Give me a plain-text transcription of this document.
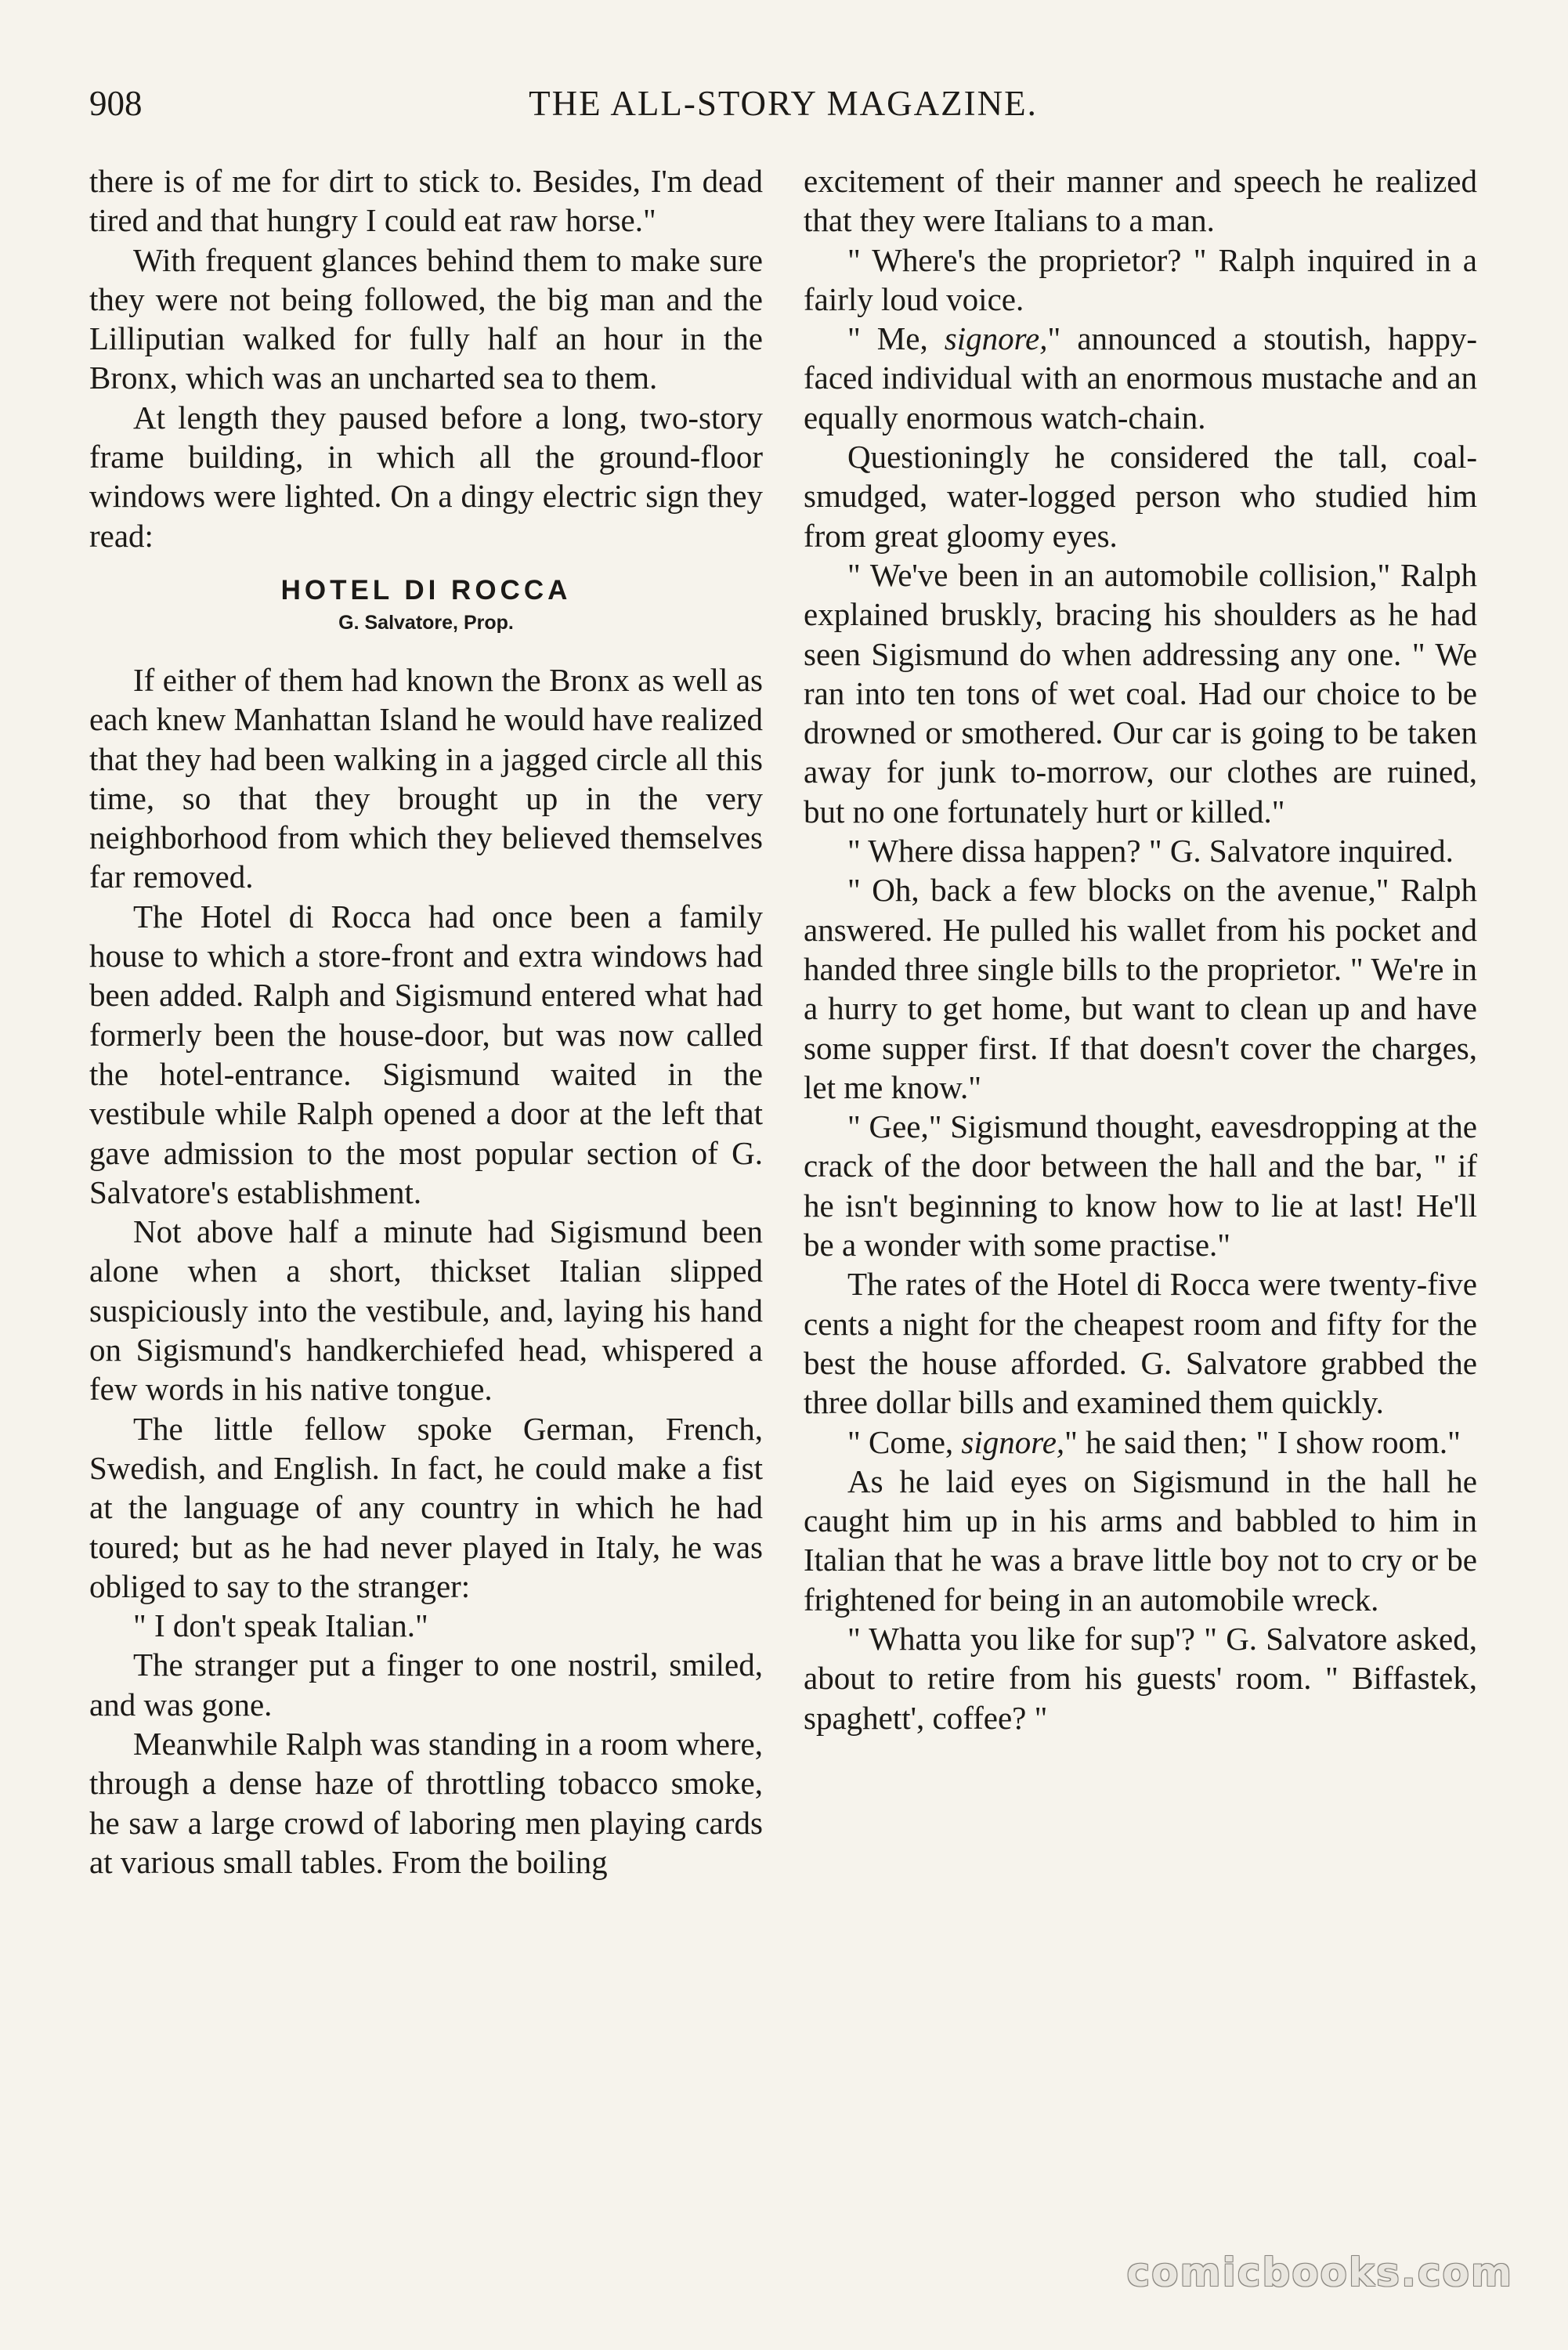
908	THE ALL-STORY MAGAZINE.

there is of me for dirt to stick to. Besides, I'm dead tired and that hungry I could eat raw horse."

With frequent glances behind them to make sure they were not being followed, the big man and the Lilliputian walked for fully half an hour in the Bronx, which was an uncharted sea to them.

At length they paused before a long, two-story frame building, in which all the ground-floor windows were lighted. On a dingy electric sign they read:

HOTEL DI ROCCA
G. Salvatore, Prop.

If either of them had known the Bronx as well as each knew Manhattan Island he would have realized that they had been walking in a jagged circle all this time, so that they brought up in the very neighborhood from which they believed themselves far removed.

The Hotel di Rocca had once been a family house to which a store-front and extra windows had been added. Ralph and Sigismund entered what had formerly been the house-door, but was now called the hotel-entrance. Sigismund waited in the vestibule while Ralph opened a door at the left that gave admission to the most popular section of G. Salvatore's establishment.

Not above half a minute had Sigismund been alone when a short, thickset Italian slipped suspiciously into the vestibule, and, laying his hand on Sigismund's handkerchiefed head, whispered a few words in his native tongue.

The little fellow spoke German, French, Swedish, and English. In fact, he could make a fist at the language of any country in which he had toured; but as he had never played in Italy, he was obliged to say to the stranger:

" I don't speak Italian."

The stranger put a finger to one nostril, smiled, and was gone.

Meanwhile Ralph was standing in a room where, through a dense haze of throttling tobacco smoke, he saw a large crowd of laboring men playing cards at various small tables. From the boiling

excitement of their manner and speech he realized that they were Italians to a man.

" Where's the proprietor? " Ralph inquired in a fairly loud voice.

" Me, signore," announced a stoutish, happy-faced individual with an enormous mustache and an equally enormous watch-chain.

Questioningly he considered the tall, coal-smudged, water-logged person who studied him from great gloomy eyes.

" We've been in an automobile collision," Ralph explained bruskly, bracing his shoulders as he had seen Sigismund do when addressing any one. " We ran into ten tons of wet coal. Had our choice to be drowned or smothered. Our car is going to be taken away for junk to-morrow, our clothes are ruined, but no one fortunately hurt or killed."

" Where dissa happen? " G. Salvatore inquired.

" Oh, back a few blocks on the avenue," Ralph answered. He pulled his wallet from his pocket and handed three single bills to the proprietor. " We're in a hurry to get home, but want to clean up and have some supper first. If that doesn't cover the charges, let me know."

" Gee," Sigismund thought, eavesdropping at the crack of the door between the hall and the bar, " if he isn't beginning to know how to lie at last! He'll be a wonder with some practise."

The rates of the Hotel di Rocca were twenty-five cents a night for the cheapest room and fifty for the best the house afforded. G. Salvatore grabbed the three dollar bills and examined them quickly.

" Come, signore," he said then; " I show room."

As he laid eyes on Sigismund in the hall he caught him up in his arms and babbled to him in Italian that he was a brave little boy not to cry or be frightened for being in an automobile wreck.

" Whatta you like for sup'? " G. Salvatore asked, about to retire from his guests' room. " Biffastek, spaghett', coffee? "

comicbooks.com
